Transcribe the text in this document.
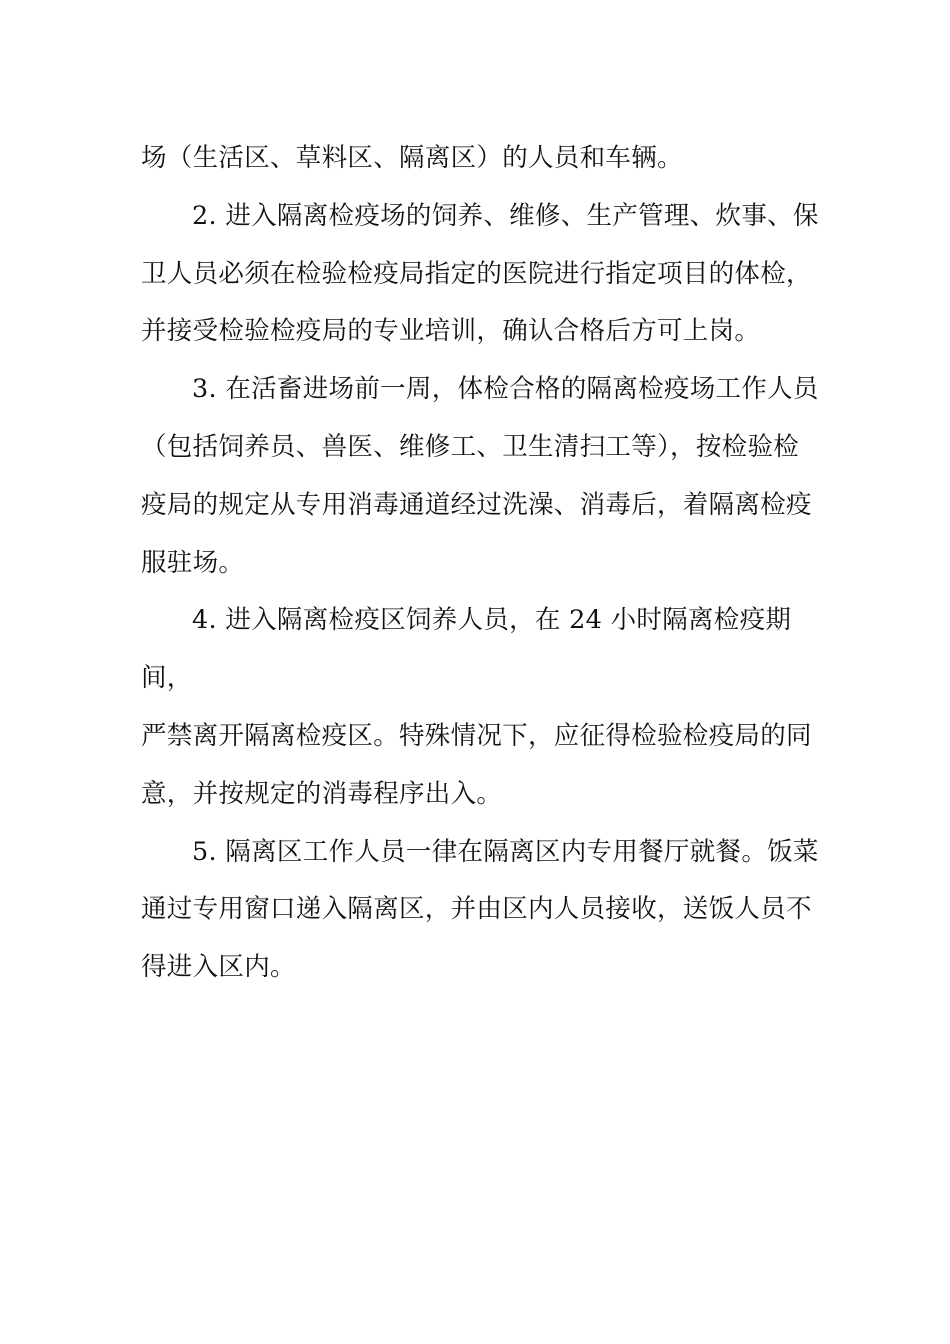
场（生活区、草料区、隔离区）的人员和车辆。
2. 进入隔离检疫场的饲养、维修、生产管理、炊事、保
卫人员必须在检验检疫局指定的医院进行指定项目的体检，
并接受检验检疫局的专业培训，确认合格后方可上岗。
3. 在活畜进场前一周，体检合格的隔离检疫场工作人员
（包括饲养员、兽医、维修工、卫生清扫工等），按检验检
疫局的规定从专用消毒通道经过洗澡、消毒后，着隔离检疫
服驻场。
4. 进入隔离检疫区饲养人员，在 24 小时隔离检疫期间，
严禁离开隔离检疫区。特殊情况下，应征得检验检疫局的同
意，并按规定的消毒程序出入。
5. 隔离区工作人员一律在隔离区内专用餐厅就餐。饭菜
通过专用窗口递入隔离区，并由区内人员接收，送饭人员不
得进入区内。
